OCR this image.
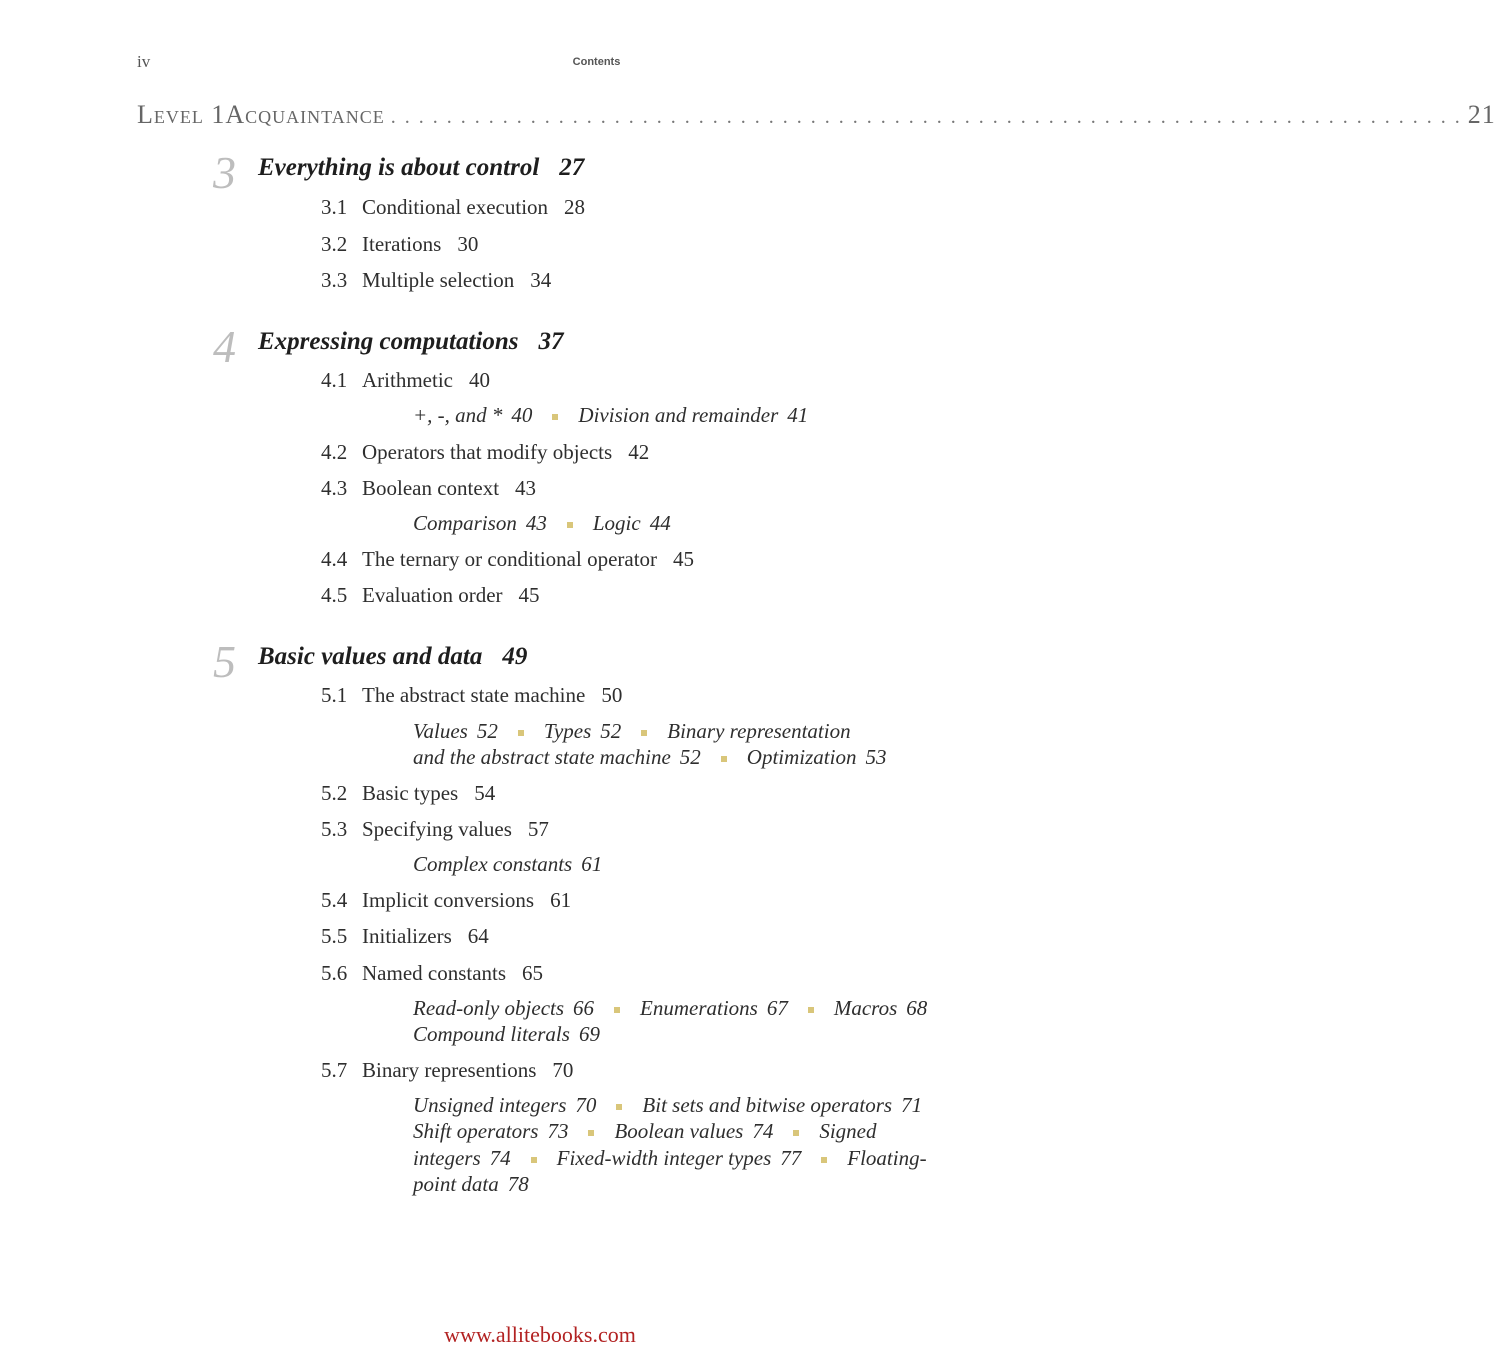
iv	Contents
Level 1 Acquaintance . . . . . . . . . . . . . . . . . . . . . . . . . . . . . . . . . . . . . . . . . . . . . . . . . . . . . . . . . . . . . . . . . . . . . . . . . . . . . 21
3 Everything is about control 27
3.1 Conditional execution 28
3.2 Iterations 30
3.3 Multiple selection 34
4 Expressing computations 37
4.1 Arithmetic 40
+, -, and * 40 Division and remainder 41
4.2 Operators that modify objects 42
4.3 Boolean context 43
Comparison 43 Logic 44
4.4 The ternary or conditional operator 45
4.5 Evaluation order 45
5 Basic values and data 49
5.1 The abstract state machine 50
Values 52 Types 52 Binary representation
and the abstract state machine 52 Optimization 53
5.2 Basic types 54
5.3 Specifying values 57
Complex constants 61
5.4 Implicit conversions 61
5.5 Initializers 64
5.6 Named constants 65
Read-only objects 66 Enumerations 67 Macros 68
Compound literals 69
5.7 Binary representions 70
Unsigned integers 70 Bit sets and bitwise operators 71
Shift operators 73 Boolean values 74 Signed
integers 74 Fixed-width integer types 77 Floating-
point data 78
www.allitebooks.com
